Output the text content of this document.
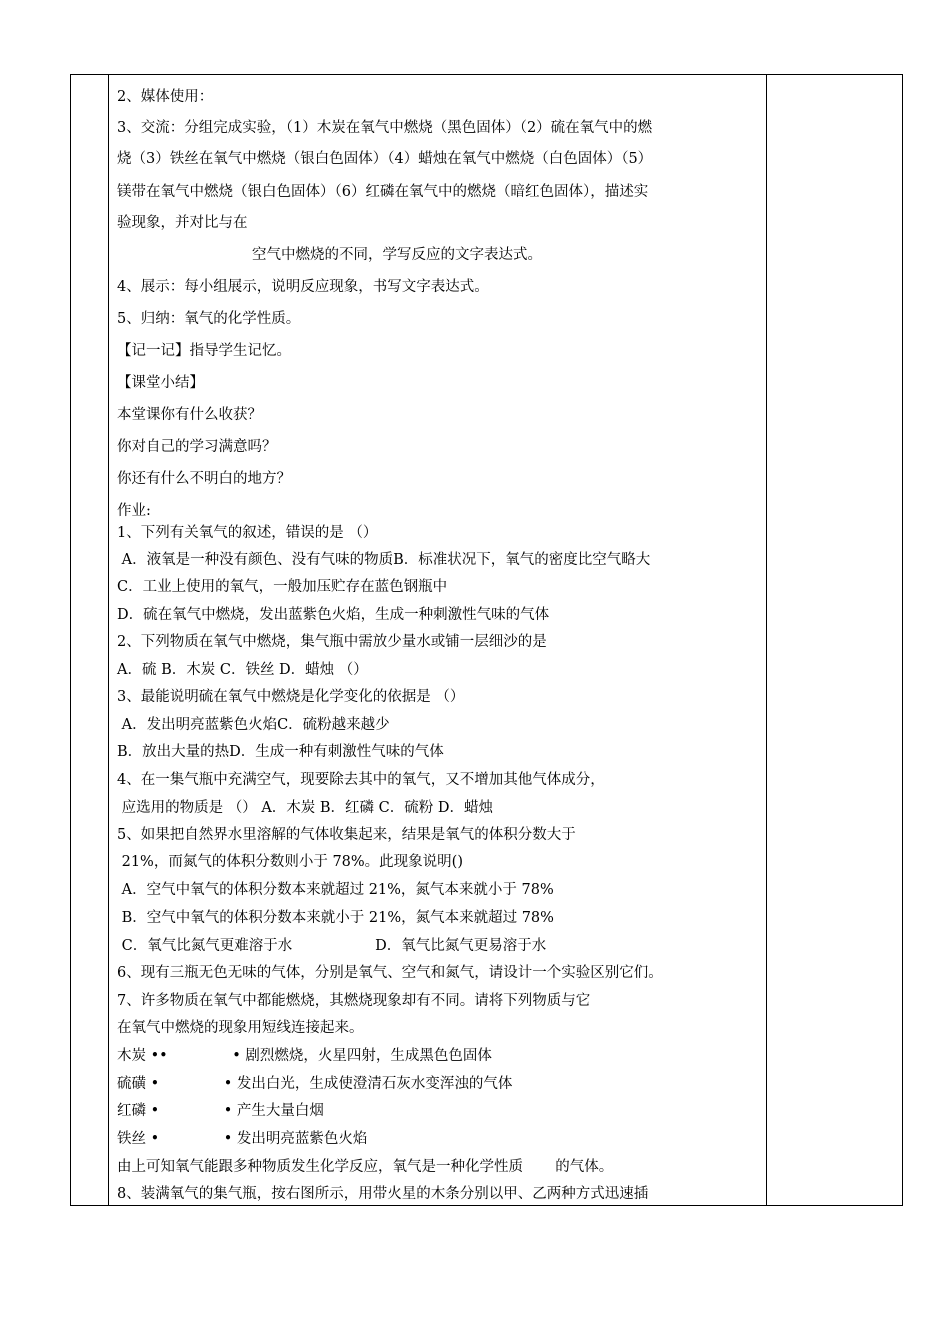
2、媒体使用：
3、交流：分组完成实验，（1）木炭在氧气中燃烧（黑色固体）（2）硫在氧气中的燃
烧（3）铁丝在氧气中燃烧（银白色固体）（4）蜡烛在氧气中燃烧（白色固体）（5）
镁带在氧气中燃烧（银白色固体）（6）红磷在氧气中的燃烧（暗红色固体），描述实
验现象，并对比与在
空气中燃烧的不同，学写反应的文字表达式。
4、展示：每小组展示，说明反应现象，书写文字表达式。
5、归纳：氧气的化学性质。
【记一记】指导学生记忆。
【课堂小结】
本堂课你有什么收获？
你对自己的学习满意吗？
你还有什么不明白的地方？
作业:
1、下列有关氧气的叙述，错误的是 （）
A．液氧是一种没有颜色、没有气味的物质B．标准状况下，氧气的密度比空气略大
C．工业上使用的氧气，一般加压贮存在蓝色钢瓶中
D．硫在氧气中燃烧，发出蓝紫色火焰，生成一种刺激性气味的气体
2、下列物质在氧气中燃烧，集气瓶中需放少量水或铺一层细沙的是
A．硫 B．木炭 C．铁丝 D．蜡烛 （）
3、最能说明硫在氧气中燃烧是化学变化的依据是 （）
A．发出明亮蓝紫色火焰C．硫粉越来越少
B．放出大量的热D．生成一种有刺激性气味的气体
4、在一集气瓶中充满空气，现要除去其中的氧气，又不增加其他气体成分，
应选用的物质是 （） A．木炭 B．红磷 C．硫粉 D．蜡烛
5、如果把自然界水里溶解的气体收集起来，结果是氧气的体积分数大于
21%，而氮气的体积分数则小于 78%。此现象说明()
A．空气中氧气的体积分数本来就超过 21%，氮气本来就小于 78%
B．空气中氧气的体积分数本来就小于 21%，氮气本来就超过 78%
C．氧气比氮气更难溶于水                  D．氧气比氮气更易溶于水
6、现有三瓶无色无味的气体，分别是氧气、空气和氮气，请设计一个实验区别它们。
7、许多物质在氧气中都能燃烧，其燃烧现象却有不同。请将下列物质与它
在氧气中燃烧的现象用短线连接起来。
木炭 ••              • 剧烈燃烧，火星四射，生成黑色色固体
硫磺 •              • 发出白光，生成使澄清石灰水变浑浊的气体
红磷 •              • 产生大量白烟
铁丝 •              • 发出明亮蓝紫色火焰
由上可知氧气能跟多种物质发生化学反应，氧气是一种化学性质       的气体。
8、装满氧气的集气瓶，按右图所示，用带火星的木条分别以甲、乙两种方式迅速插
